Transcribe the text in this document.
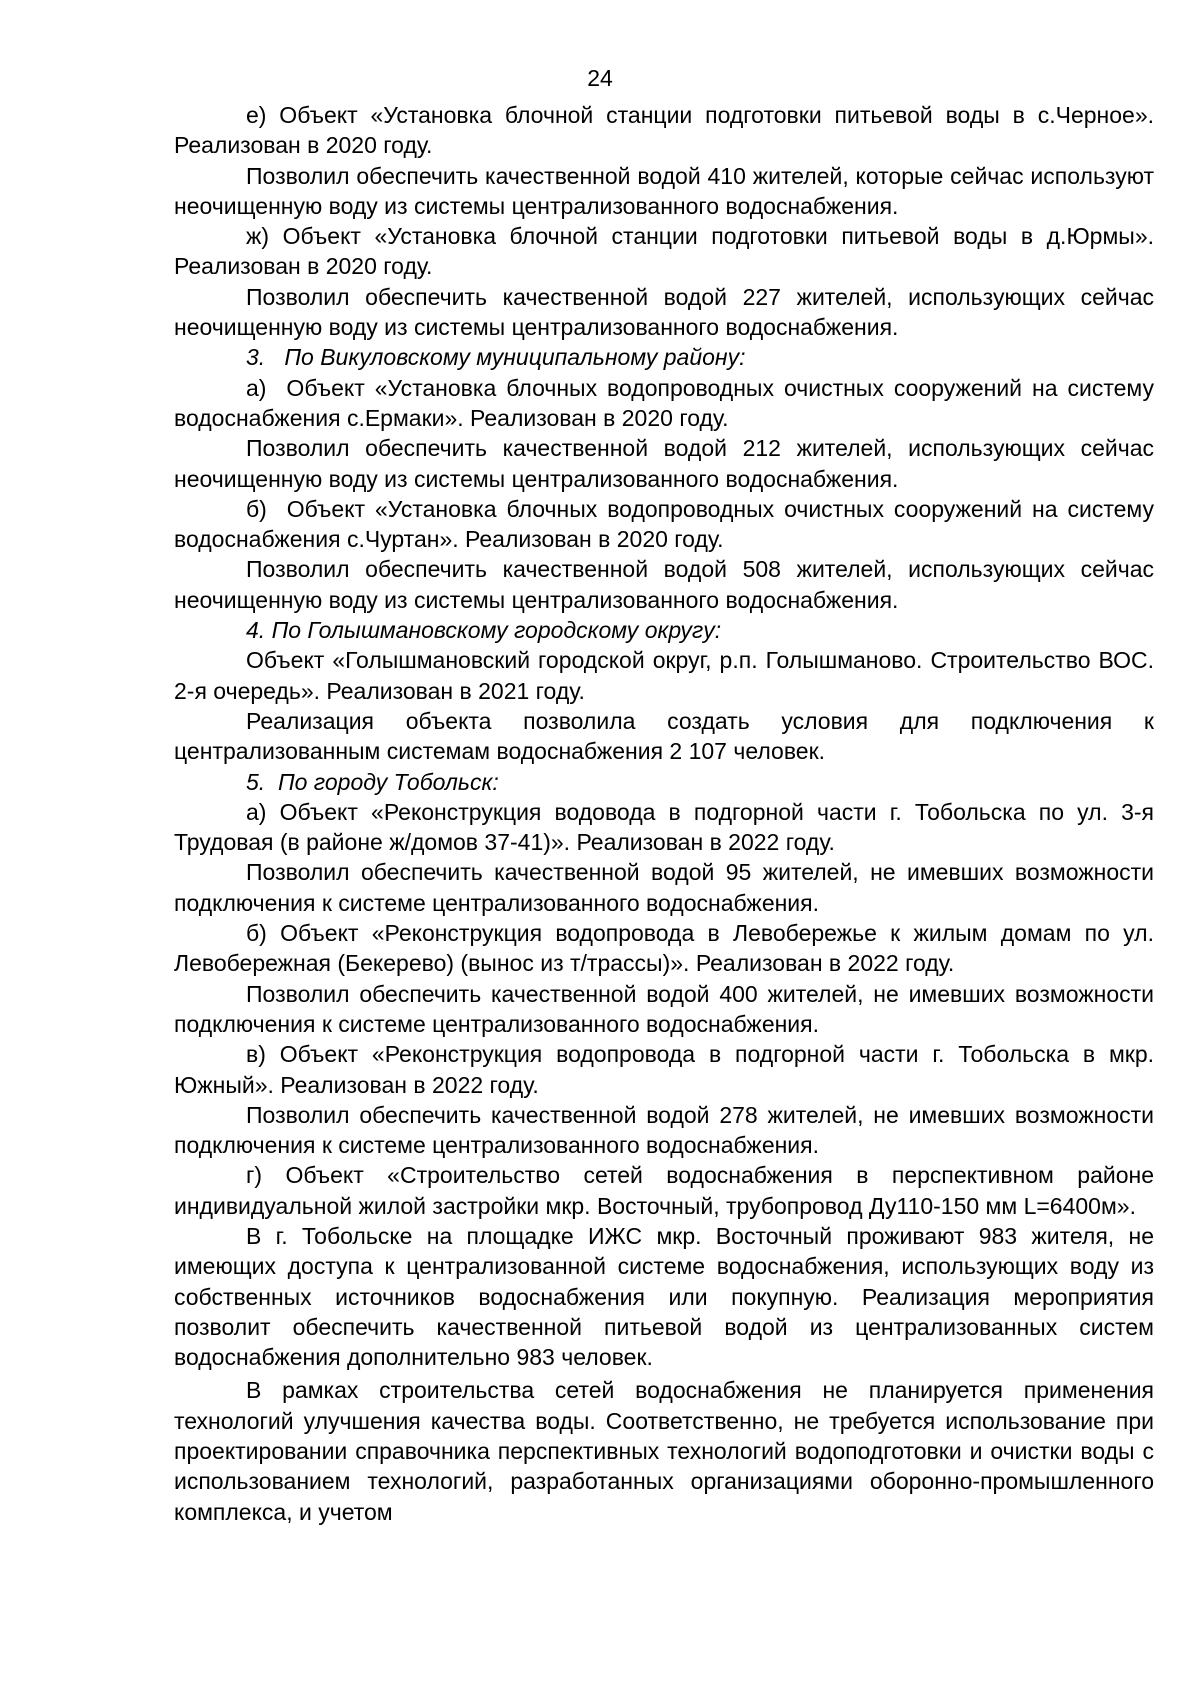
24

е) Объект «Установка блочной станции подготовки питьевой воды в с.Черное». Реализован в 2020 году.

Позволил обеспечить качественной водой 410 жителей, которые сейчас используют неочищенную воду из системы централизованного водоснабжения.

ж) Объект «Установка блочной станции подготовки питьевой воды в д.Юрмы». Реализован в 2020 году.

Позволил обеспечить качественной водой 227 жителей, использующих сейчас неочищенную воду из системы централизованного водоснабжения.

3.   По Викуловскому муниципальному району:

а)  Объект «Установка блочных водопроводных очистных сооружений на систему водоснабжения с.Ермаки». Реализован в 2020 году.

Позволил обеспечить качественной водой 212 жителей, использующих сейчас неочищенную воду из системы централизованного водоснабжения.

б)  Объект «Установка блочных водопроводных очистных сооружений на систему водоснабжения с.Чуртан». Реализован в 2020 году.

Позволил обеспечить качественной водой 508 жителей, использующих сейчас неочищенную воду из системы централизованного водоснабжения.

4. По Голышмановскому городскому округу:

Объект «Голышмановский городской округ, р.п. Голышманово. Строительство ВОС. 2-я очередь». Реализован в 2021 году.

Реализация объекта позволила создать условия для подключения к централизованным системам водоснабжения 2 107 человек.

5.  По городу Тобольск:

а) Объект «Реконструкция водовода в подгорной части г. Тобольска по ул. 3-я Трудовая (в районе ж/домов 37-41)». Реализован в 2022 году.

Позволил обеспечить качественной водой 95 жителей, не имевших возможности подключения к системе централизованного водоснабжения.

б) Объект «Реконструкция водопровода в Левобережье к жилым домам по ул. Левобережная (Бекерево) (вынос из т/трассы)». Реализован в 2022 году.

Позволил обеспечить качественной водой 400 жителей, не имевших возможности подключения к системе централизованного водоснабжения.

в) Объект «Реконструкция водопровода в подгорной части г. Тобольска в мкр. Южный». Реализован в 2022 году.

Позволил обеспечить качественной водой 278 жителей, не имевших возможности подключения к системе централизованного водоснабжения.

г) Объект «Строительство сетей водоснабжения в перспективном районе индивидуальной жилой застройки мкр. Восточный, трубопровод Ду110-150 мм L=6400м».

В г. Тобольске на площадке ИЖС мкр. Восточный проживают 983 жителя, не имеющих доступа к централизованной системе водоснабжения, использующих воду из собственных источников водоснабжения или покупную. Реализация мероприятия позволит обеспечить качественной питьевой водой из централизованных систем водоснабжения дополнительно 983 человек.

В рамках строительства сетей водоснабжения не планируется применения технологий улучшения качества воды. Соответственно, не требуется использование при проектировании справочника перспективных технологий водоподготовки и очистки воды с использованием технологий, разработанных организациями оборонно-промышленного комплекса, и учетом
